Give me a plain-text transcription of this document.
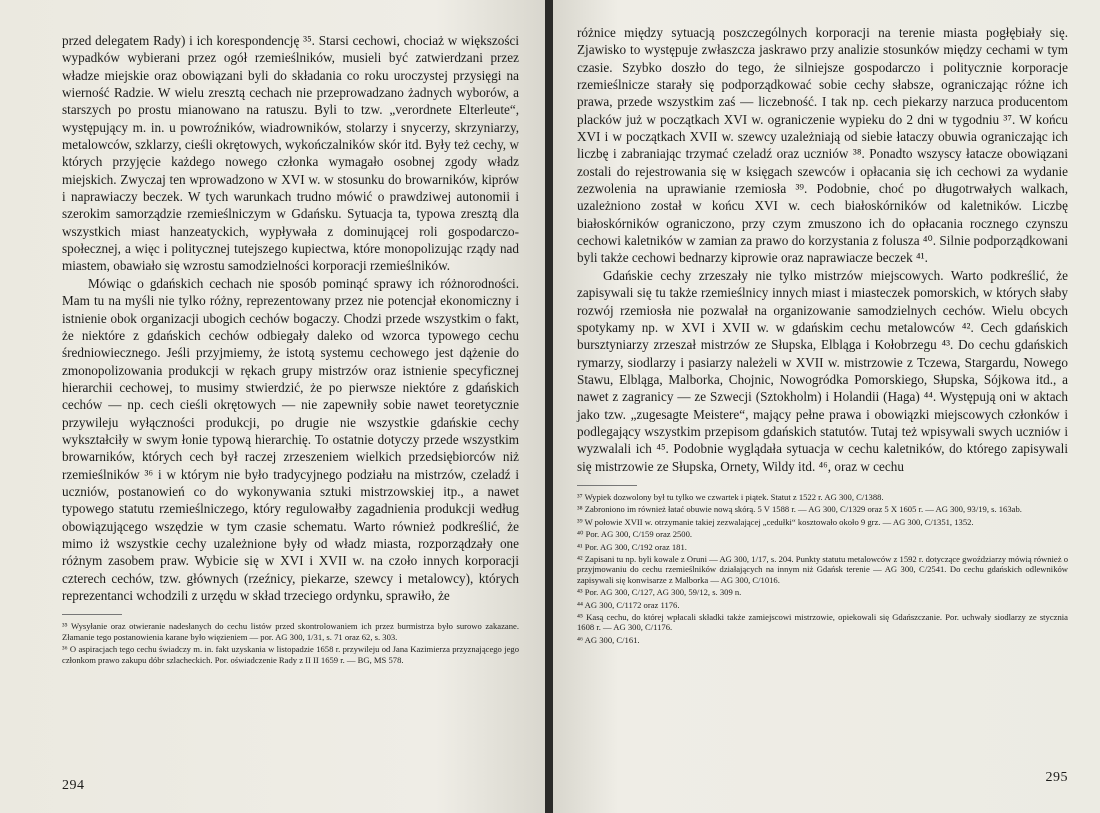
przed delegatem Rady) i ich korespondencję ³⁵. Starsi cechowi, chociaż w większości wypadków wybierani przez ogół rzemieślników, musieli być zatwierdzani przez władze miejskie oraz obowiązani byli do składania co roku uroczystej przysięgi na wierność Radzie. W wielu zresztą cechach nie przeprowadzano żadnych wyborów, a starszych po prostu mianowano na ratuszu. Byli to tzw. „verordnete Elterleute“, występujący m. in. u powroźników, wiadrowników, stolarzy i snycerzy, skrzyniarzy, metalowców, szklarzy, cieśli okrętowych, wykończalników skór itd. Były też cechy, w których przyjęcie każdego nowego członka wymagało osobnej zgody władz miejskich. Zwyczaj ten wprowadzono w XVI w. w stosunku do browarników, kiprów i naprawiaczy beczek. W tych warunkach trudno mówić o prawdziwej autonomii i szerokim samorządzie rzemieślniczym w Gdańsku. Sytuacja ta, typowa zresztą dla wszystkich miast hanzeatyckich, wypływała z dominującej roli gospodarczo-społecznej, a więc i politycznej tutejszego kupiectwa, które monopolizując rządy nad miastem, obawiało się wzrostu samodzielności korporacji rzemieślników.

Mówiąc o gdańskich cechach nie sposób pominąć sprawy ich różnorodności. Mam tu na myśli nie tylko różny, reprezentowany przez nie potencjał ekonomiczny i istnienie obok organizacji ubogich cechów bogaczy. Chodzi przede wszystkim o fakt, że niektóre z gdańskich cechów odbiegały daleko od wzorca typowego cechu średniowiecznego. Jeśli przyjmiemy, że istotą systemu cechowego jest dążenie do zmonopolizowania produkcji w rękach grupy mistrzów oraz istnienie specyficznej hierarchii cechowej, to musimy stwierdzić, że po pierwsze niektóre z gdańskich cechów — np. cech cieśli okrętowych — nie zapewniły sobie nawet teoretycznie przywileju wyłączności produkcji, po drugie nie wszystkie gdańskie cechy wykształciły w swym łonie typową hierarchię. To ostatnie dotyczy przede wszystkim browarników, których cech był raczej zrzeszeniem wielkich przedsiębiorców niż rzemieślników ³⁶ i w którym nie było tradycyjnego podziału na mistrzów, czeladź i uczniów, postanowień co do wykonywania sztuki mistrzowskiej itp., a nawet typowego statutu rzemieślniczego, który regulowałby zagadnienia produkcji według obowiązującego wszędzie w tym czasie schematu. Warto również podkreślić, że mimo iż wszystkie cechy uzależnione były od władz miasta, rozporządzały one różnym zasobem praw. Wybicie się w XVI i XVII w. na czoło innych korporacji czterech cechów, tzw. głównych (rzeźnicy, piekarze, szewcy i metalowcy), których reprezentanci wchodzili z urzędu w skład trzeciego ordynku, sprawiło, że

³⁵ Wysyłanie oraz otwieranie nadesłanych do cechu listów przed skontrolowaniem ich przez burmistrza było surowo zakazane. Złamanie tego postanowienia karane było więzieniem — por. AG 300, 1/31, s. 71 oraz 62, s. 303.

³⁶ O aspiracjach tego cechu świadczy m. in. fakt uzyskania w listopadzie 1658 r. przywileju od Jana Kazimierza przyznającego jego członkom prawo zakupu dóbr szlacheckich. Por. oświadczenie Rady z II II 1659 r. — BG, MS 578.

294

różnice między sytuacją poszczególnych korporacji na terenie miasta pogłębiały się. Zjawisko to występuje zwłaszcza jaskrawo przy analizie stosunków między cechami w tym czasie. Szybko doszło do tego, że silniejsze gospodarczo i politycznie korporacje rzemieślnicze starały się podporządkować sobie cechy słabsze, ograniczając różne ich prawa, przede wszystkim zaś — liczebność. I tak np. cech piekarzy narzuca producentom placków już w początkach XVI w. ograniczenie wypieku do 2 dni w tygodniu ³⁷. W końcu XVI i w początkach XVII w. szewcy uzależniają od siebie łataczy obuwia ograniczając ich liczbę i zabraniając trzymać czeladź oraz uczniów ³⁸. Ponadto wszyscy łatacze obowiązani zostali do rejestrowania się w księgach szewców i opłacania się ich cechowi za wydanie zezwolenia na uprawianie rzemiosła ³⁹. Podobnie, choć po długotrwałych walkach, uzależniono został w końcu XVI w. cech białoskórników od kaletników. Liczbę białoskórników ograniczono, przy czym zmuszono ich do opłacania rocznego czynszu cechowi kaletników w zamian za prawo do korzystania z folusza ⁴⁰. Silnie podporządkowani byli także cechowi bednarzy kiprowie oraz naprawiacze beczek ⁴¹.

Gdańskie cechy zrzeszały nie tylko mistrzów miejscowych. Warto podkreślić, że zapisywali się tu także rzemieślnicy innych miast i miasteczek pomorskich, w których słaby rozwój rzemiosła nie pozwalał na organizowanie samodzielnych cechów. Wielu obcych spotykamy np. w XVI i XVII w. w gdańskim cechu metalowców ⁴². Cech gdańskich bursztyniarzy zrzeszał mistrzów ze Słupska, Elbląga i Kołobrzegu ⁴³. Do cechu gdańskich rymarzy, siodlarzy i pasiarzy należeli w XVII w. mistrzowie z Tczewa, Stargardu, Nowego Stawu, Elbląga, Malborka, Chojnic, Nowogródka Pomorskiego, Słupska, Sójkowa itd., a nawet z zagranicy — ze Szwecji (Sztokholm) i Holandii (Haga) ⁴⁴. Występują oni w aktach jako tzw. „zugesagte Meistere“, mający pełne prawa i obowiązki miejscowych członków i podlegający wszystkim przepisom gdańskich statutów. Tutaj też wpisywali swych uczniów i wyzwalali ich ⁴⁵. Podobnie wyglądała sytuacja w cechu kaletników, do którego zapisywali się mistrzowie ze Słupska, Ornety, Wildy itd. ⁴⁶, oraz w cechu

³⁷ Wypiek dozwolony był tu tylko we czwartek i piątek. Statut z 1522 r. AG 300, C/1388.

³⁸ Zabroniono im również łatać obuwie nową skórą. 5 V 1588 r. — AG 300, C/1329 oraz 5 X 1605 r. — AG 300, 93/19, s. 163ab.

³⁹ W połowie XVII w. otrzymanie takiej zezwalającej „cedułki“ kosztowało około 9 grz. — AG 300, C/1351, 1352.

⁴⁰ Por. AG 300, C/159 oraz 2500.

⁴¹ Por. AG 300, C/192 oraz 181.

⁴² Zapisani tu np. byli kowale z Oruni — AG 300, 1/17, s. 204. Punkty statutu metalowców z 1592 r. dotyczące gwoździarzy mówią również o przyjmowaniu do cechu rzemieślników działających na innym niż Gdańsk terenie — AG 300, C/2541. Do cechu gdańskich odlewników zapisywali się konwisarze z Malborka — AG 300, C/1016.

⁴³ Por. AG 300, C/127, AG 300, 59/12, s. 309 n.

⁴⁴ AG 300, C/1172 oraz 1176.

⁴⁵ Kasą cechu, do której wpłacali składki także zamiejscowi mistrzowie, opiekowali się Gdańszczanie. Por. uchwały siodlarzy ze stycznia 1608 r. — AG 300, C/1176.

⁴⁶ AG 300, C/161.

295
